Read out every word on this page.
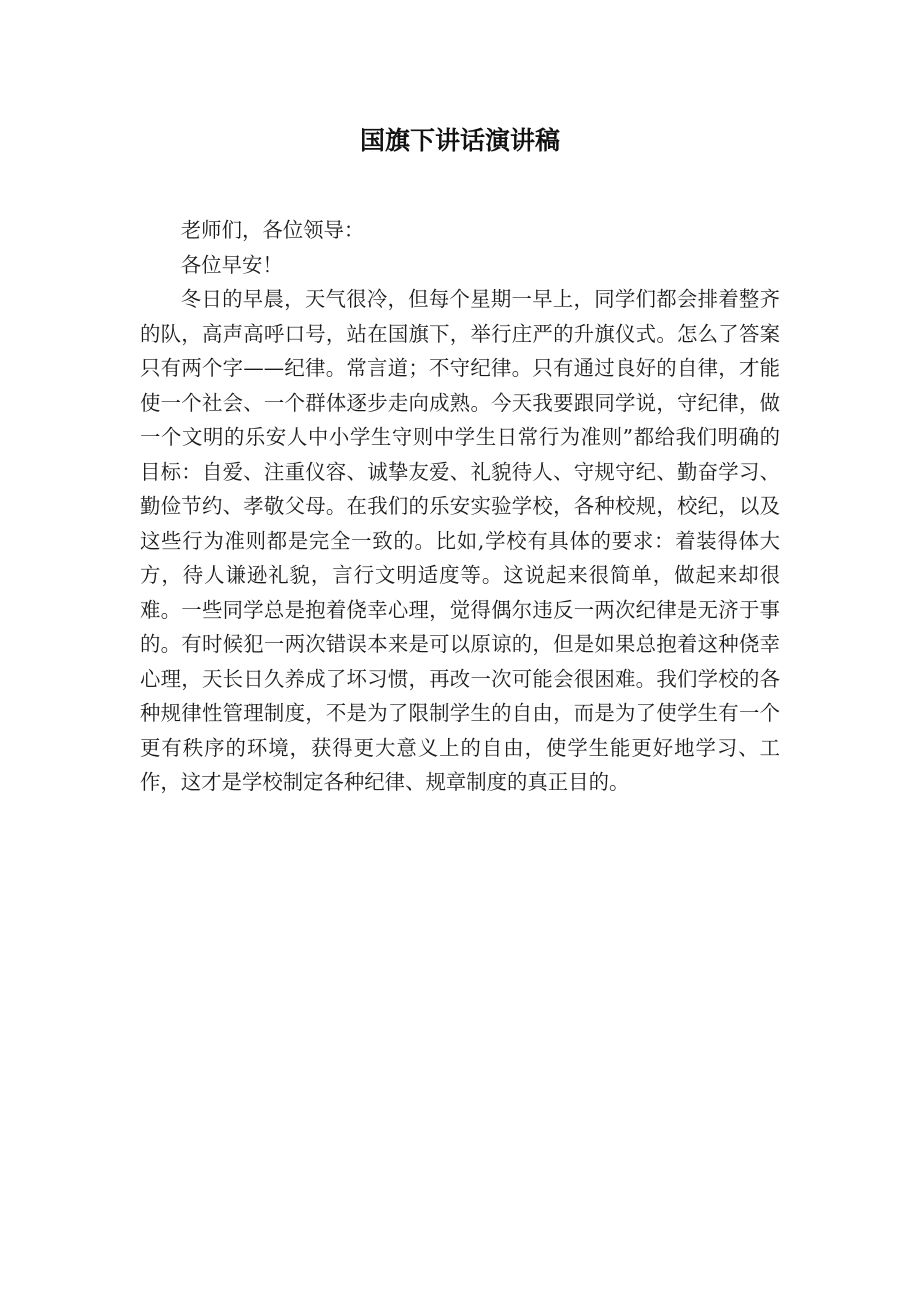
国旗下讲话演讲稿

老师们，各位领导：

各位早安！

冬日的早晨，天气很冷，但每个星期一早上，同学们都会排着整齐的队，高声高呼口号，站在国旗下，举行庄严的升旗仪式。怎么了答案只有两个字——纪律。常言道；不守纪律。只有通过良好的自律，才能使一个社会、一个群体逐步走向成熟。今天我要跟同学说，守纪律，做一个文明的乐安人中小学生守则中学生日常行为准则”都给我们明确的目标：自爱、注重仪容、诚挚友爱、礼貌待人、守规守纪、勤奋学习、勤俭节约、孝敬父母。在我们的乐安实验学校，各种校规，校纪，以及这些行为准则都是完全一致的。比如,学校有具体的要求：着装得体大方，待人谦逊礼貌，言行文明适度等。这说起来很简单，做起来却很难。一些同学总是抱着侥幸心理，觉得偶尔违反一两次纪律是无济于事的。有时候犯一两次错误本来是可以原谅的，但是如果总抱着这种侥幸心理，天长日久养成了坏习惯，再改一次可能会很困难。我们学校的各种规律性管理制度，不是为了限制学生的自由，而是为了使学生有一个更有秩序的环境，获得更大意义上的自由，使学生能更好地学习、工作，这才是学校制定各种纪律、规章制度的真正目的。
